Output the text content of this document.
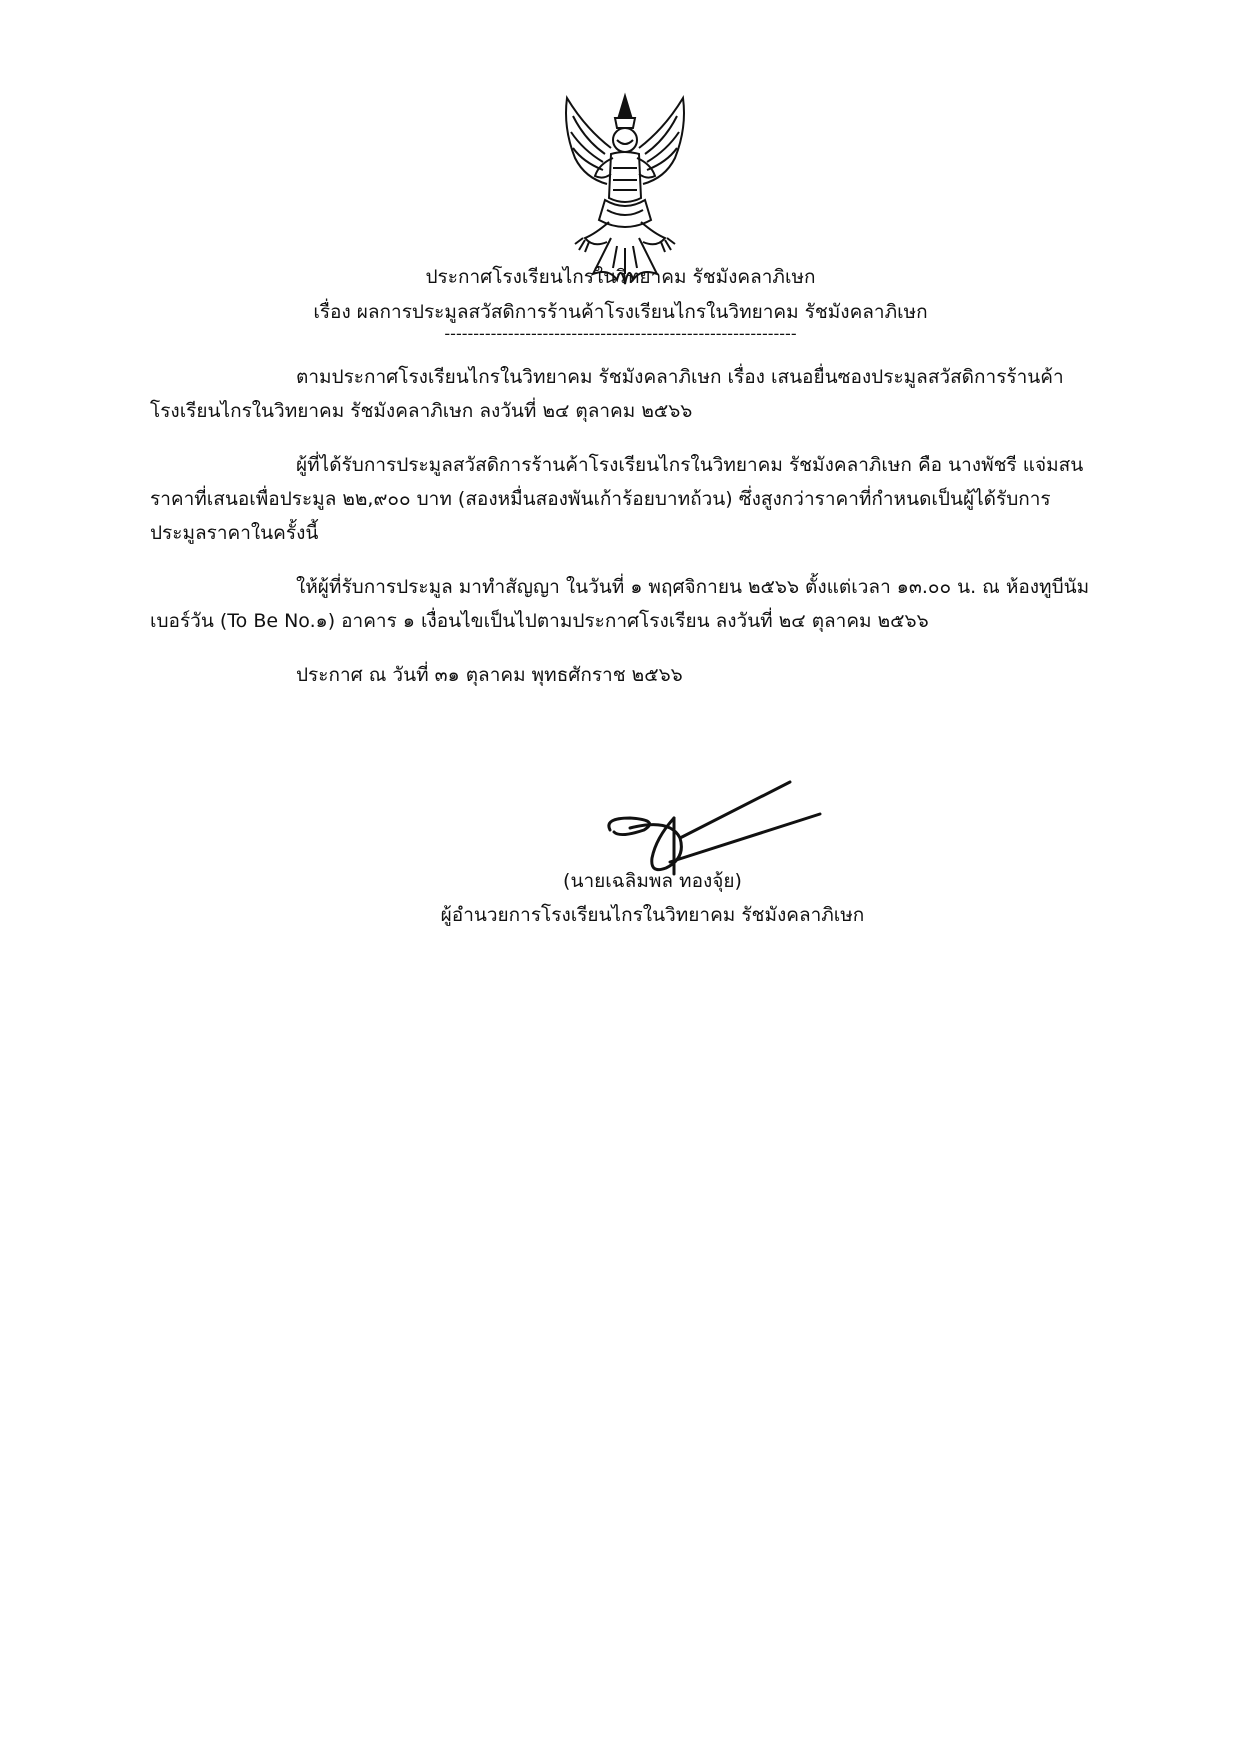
ประกาศโรงเรียนไกรในวิทยาคม รัชมังคลาภิเษก
เรื่อง ผลการประมูลสวัสดิการร้านค้าโรงเรียนไกรในวิทยาคม รัชมังคลาภิเษก
-------------------------------------------------------------
ตามประกาศโรงเรียนไกรในวิทยาคม รัชมังคลาภิเษก เรื่อง เสนอยื่นซองประมูลสวัสดิการร้านค้า
โรงเรียนไกรในวิทยาคม รัชมังคลาภิเษก ลงวันที่ ๒๔ ตุลาคม ๒๕๖๖
ผู้ที่ได้รับการประมูลสวัสดิการร้านค้าโรงเรียนไกรในวิทยาคม รัชมังคลาภิเษก คือ นางพัชรี แจ่มสน
ราคาที่เสนอเพื่อประมูล ๒๒,๙๐๐ บาท (สองหมื่นสองพันเก้าร้อยบาทถ้วน) ซึ่งสูงกว่าราคาที่กำหนดเป็นผู้ได้รับการ
ประมูลราคาในครั้งนี้
ให้ผู้ที่รับการประมูล มาทำสัญญา ในวันที่ ๑ พฤศจิกายน ๒๕๖๖ ตั้งแต่เวลา ๑๓.๐๐ น. ณ ห้องทูบีนัม
เบอร์วัน (To Be No.๑) อาคาร ๑ เงื่อนไขเป็นไปตามประกาศโรงเรียน ลงวันที่ ๒๔ ตุลาคม ๒๕๖๖
ประกาศ ณ วันที่ ๓๑ ตุลาคม พุทธศักราช ๒๕๖๖
(นายเฉลิมพล ทองจุ้ย)
ผู้อำนวยการโรงเรียนไกรในวิทยาคม รัชมังคลาภิเษก
